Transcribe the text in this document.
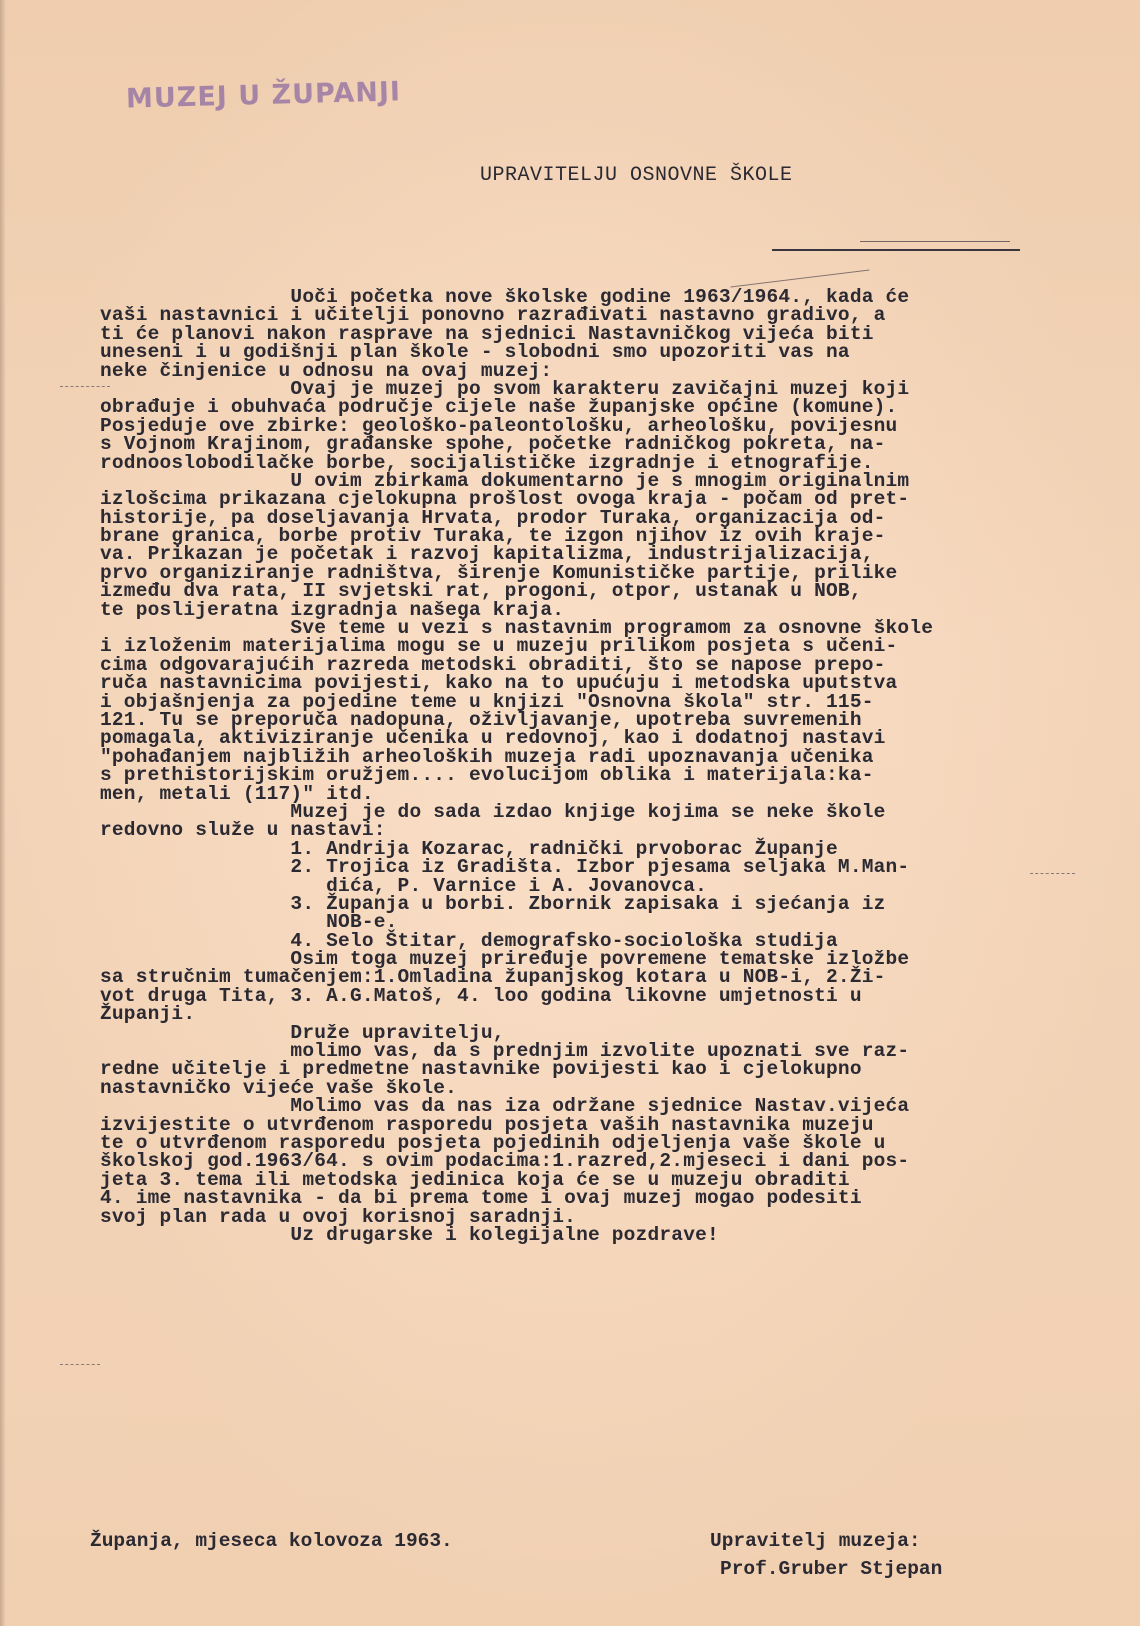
MUZEJ U ŽUPANJI
UPRAVITELJU OSNOVNE ŠKOLE
Uoči početka nove školske godine 1963/1964., kada će
vaši nastavnici i učitelji ponovno razrađivati nastavno gradivo, a
ti će planovi nakon rasprave na sjednici Nastavničkog vijeća biti
uneseni i u godišnji plan škole - slobodni smo upozoriti vas na
neke činjenice u odnosu na ovaj muzej:
Ovaj je muzej po svom karakteru zavičajni muzej koji
obrađuje i obuhvaća područje cijele naše županjske općine (komune).
Posjeduje ove zbirke: geološko-paleontološku, arheološku, povijesnu
s Vojnom Krajinom, građanske spohe, početke radničkog pokreta, na-
rodnooslobodilačke borbe, socijalističke izgradnje i etnografije.
U ovim zbirkama dokumentarno je s mnogim originalnim
izlošcima prikazana cjelokupna prošlost ovoga kraja - počam od pret-
historije, pa doseljavanja Hrvata, prodor Turaka, organizacija od-
brane granica, borbe protiv Turaka, te izgon njihov iz ovih kraje-
va. Prikazan je početak i razvoj kapitalizma, industrijalizacija,
prvo organiziranje radništva, širenje Komunističke partije, prilike
između dva rata, II svjetski rat, progoni, otpor, ustanak u NOB,
te poslijeratna izgradnja našega kraja.
Sve teme u vezi s nastavnim programom za osnovne škole
i izloženim materijalima mogu se u muzeju prilikom posjeta s učeni-
cima odgovarajućih razreda metodski obraditi, što se naposе prepo-
ruča nastavnicima povijesti, kako na to upućuju i metodska uputstva
i objašnjenja za pojedine teme u knjizi "Osnovna škola" str. 115-
121. Tu se preporuča nadopuna, oživljavanje, upotreba suvremenih
pomagala, aktiviziranje učenika u redovnoj, kao i dodatnoj nastavi
"pohađanjem najbližih arheoloških muzeja radi upoznavanja učenika
s prethistorijskim oružjem.... evolucijom oblika i materijala:ka-
men, metali (117)" itd.
Muzej je do sada izdao knjige kojima se neke škole
redovno služe u nastavi:
1. Andrija Kozarac, radnički prvoborac Županje
2. Trojica iz Gradišta. Izbor pjesama seljaka M.Man-
dića, P. Varnice i A. Jovanovca.
3. Županja u borbi. Zbornik zapisaka i sjećanja iz
NOB-e.
4. Selo Štitar, demografsko-sociološka studija
Osim toga muzej priređuje povremene tematske izložbe
sa stručnim tumačenjem:1.Omladina županjskog kotara u NOB-i, 2.Ži-
vot druga Tita, 3. A.G.Matoš, 4. loo godina likovne umjetnosti u
Županji.
Druže upravitelju,
molimo vas, da s prednjim izvolite upoznati sve raz-
redne učitelje i predmetne nastavnike povijesti kao i cjelokupno
nastavničko vijeće vaše škole.
Molimo vas da nas iza održane sjednice Nastav.vijeća
izvijestite o utvrđenom rasporedu posjeta vaših nastavnika muzeju
te o utvrđenom rasporedu posjeta pojedinih odjeljenja vaše škole u
školskoj god.1963/64. s ovim podacima:1.razred,2.mjeseci i dani pos-
jeta 3. tema ili metodska jedinica koja će se u muzeju obraditi
4. ime nastavnika - da bi prema tome i ovaj muzej mogao podesiti
svoj plan rada u ovoj korisnoj saradnji.
Uz drugarske i kolegijalne pozdrave!
Županja, mjeseca kolovoza 1963.	Upravitelj muzeja:
Prof.Gruber Stjepan
